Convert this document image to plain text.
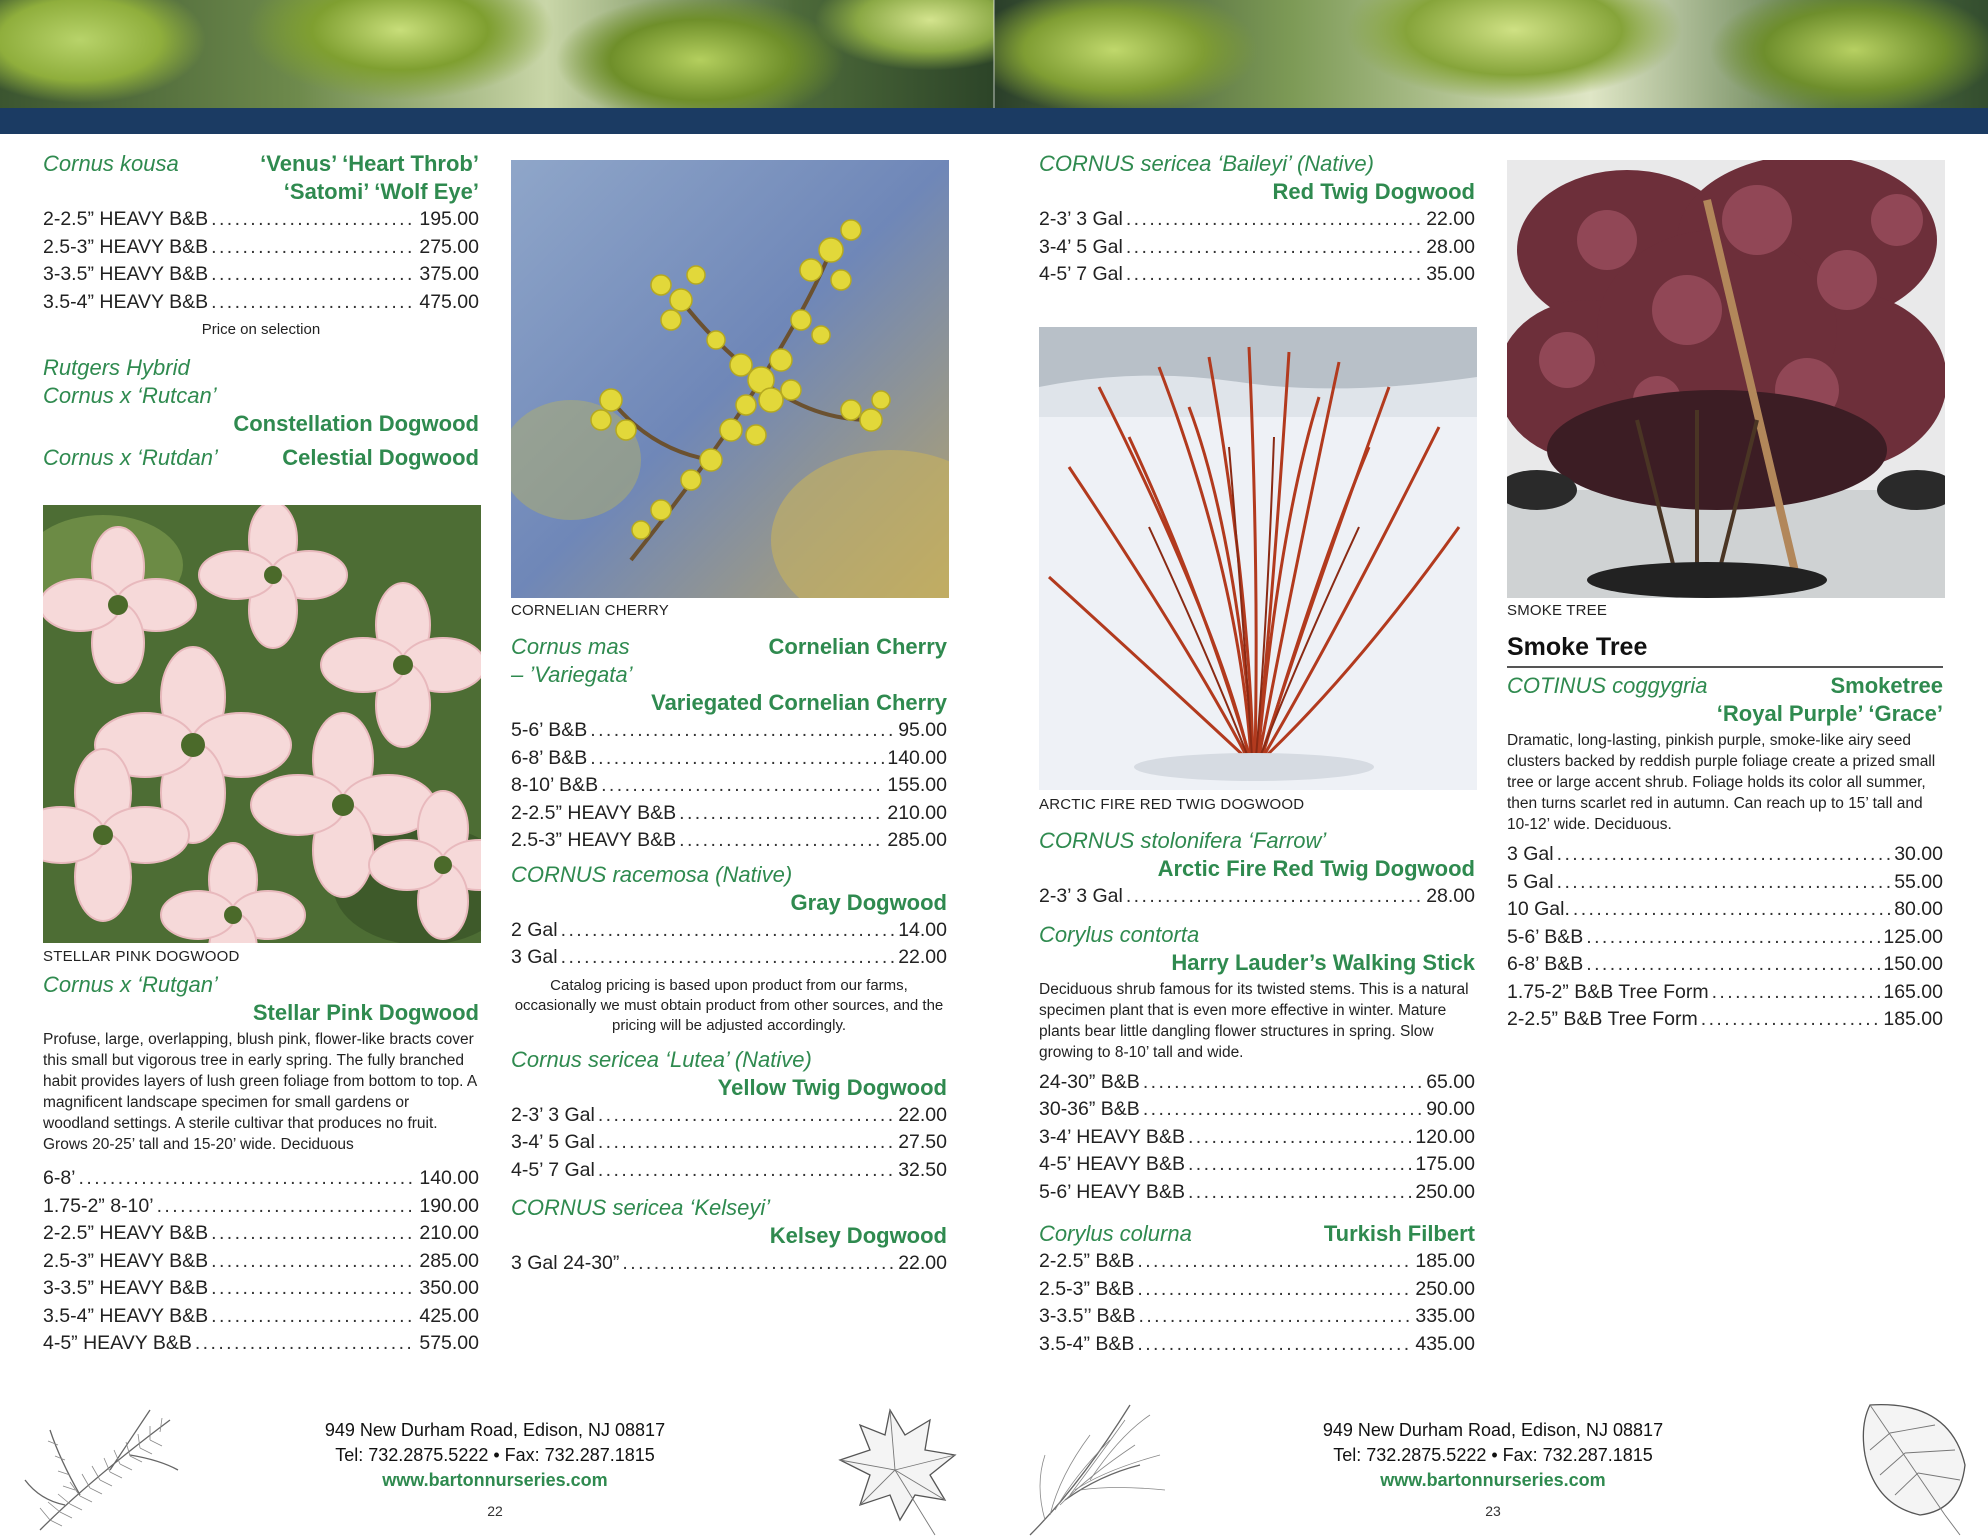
Cornus kousa	‘Venus’ ‘Heart Throb’
‘Satomi’ ‘Wolf Eye’
2-2.5” HEAVY B&B . . .	195.00
2.5-3” HEAVY B&B . . .	275.00
3-3.5” HEAVY B&B . . .	375.00
3.5-4” HEAVY B&B . . .	475.00
Price on selection
Rutgers Hybrid
Cornus x ‘Rutcan’
Constellation Dogwood
Cornus x ‘Rutdan’	Celestial Dogwood
STELLAR PINK DOGWOOD
Cornus x ‘Rutgan’
Stellar Pink Dogwood
Profuse, large, overlapping, blush pink, flower-like bracts cover this small but vigorous tree in early spring. The fully branched habit provides layers of lush green foliage from bottom to top. A magnificent landscape specimen for small gardens or woodland settings. A sterile cultivar that produces no fruit. Grows 20-25’ tall and 15-20’ wide. Deciduous
6-8’ . . .	140.00
1.75-2” 8-10’ . . .	190.00
2-2.5” HEAVY B&B . . .	210.00
2.5-3” HEAVY B&B . . .	285.00
3-3.5” HEAVY B&B . . .	350.00
3.5-4” HEAVY B&B . . .	425.00
4-5” HEAVY B&B . . .	575.00
CORNELIAN CHERRY
Cornus mas	Cornelian Cherry
– ’Variegata’
Variegated Cornelian Cherry
5-6’ B&B . . .	95.00
6-8’ B&B . . .	140.00
8-10’ B&B . . .	155.00
2-2.5” HEAVY B&B . . .	210.00
2.5-3” HEAVY B&B . . .	285.00
CORNUS racemosa (Native)
Gray Dogwood
2 Gal . . .	14.00
3 Gal . . .	22.00
Catalog pricing is based upon product from our farms, occasionally we must obtain product from other sources, and the pricing will be adjusted accordingly.
Cornus sericea ‘Lutea’ (Native)
Yellow Twig Dogwood
2-3’ 3 Gal . . .	22.00
3-4’ 5 Gal . . .	27.50
4-5’ 7 Gal . . .	32.50
CORNUS sericea ‘Kelseyi’
Kelsey Dogwood
3 Gal 24-30” . . .	22.00
CORNUS sericea ‘Baileyi’ (Native)
Red Twig Dogwood
2-3’ 3 Gal . . .	22.00
3-4’ 5 Gal . . .	28.00
4-5’ 7 Gal . . .	35.00
ARCTIC FIRE RED TWIG DOGWOOD
CORNUS stolonifera ‘Farrow’
Arctic Fire Red Twig Dogwood
2-3’ 3 Gal . . .	28.00
Corylus contorta
Harry Lauder’s Walking Stick
Deciduous shrub famous for its twisted stems. This is a natural specimen plant that is even more effective in winter. Mature plants bear little dangling flower structures in spring. Slow growing to 8-10’ tall and wide.
24-30” B&B . . .	65.00
30-36” B&B . . .	90.00
3-4’ HEAVY B&B . . .	120.00
4-5’ HEAVY B&B . . .	175.00
5-6’ HEAVY B&B . . .	250.00
Corylus colurna	Turkish Filbert
2-2.5” B&B . . .	185.00
2.5-3” B&B . . .	250.00
3-3.5’’ B&B . . .	335.00
3.5-4” B&B . . .	435.00
SMOKE TREE
Smoke Tree
COTINUS coggygria	Smoketree
‘Royal Purple’ ‘Grace’
Dramatic, long-lasting, pinkish purple, smoke-like airy seed clusters backed by reddish purple foliage create a prized small tree or large accent shrub. Foliage holds its color all summer, then turns scarlet red in autumn. Can reach up to 15’ tall and 10-12’ wide. Deciduous.
3 Gal . . .	30.00
5 Gal . . .	55.00
10 Gal. . . .	80.00
5-6’ B&B . . .	125.00
6-8’ B&B . . .	150.00
1.75-2” B&B Tree Form . . .	165.00
2-2.5” B&B Tree Form . . .	185.00
949 New Durham Road, Edison, NJ 08817
Tel: 732.2875.5222 • Fax: 732.287.1815
www.bartonnurseries.com
22
949 New Durham Road, Edison, NJ 08817
Tel: 732.2875.5222 • Fax: 732.287.1815
www.bartonnurseries.com
23
